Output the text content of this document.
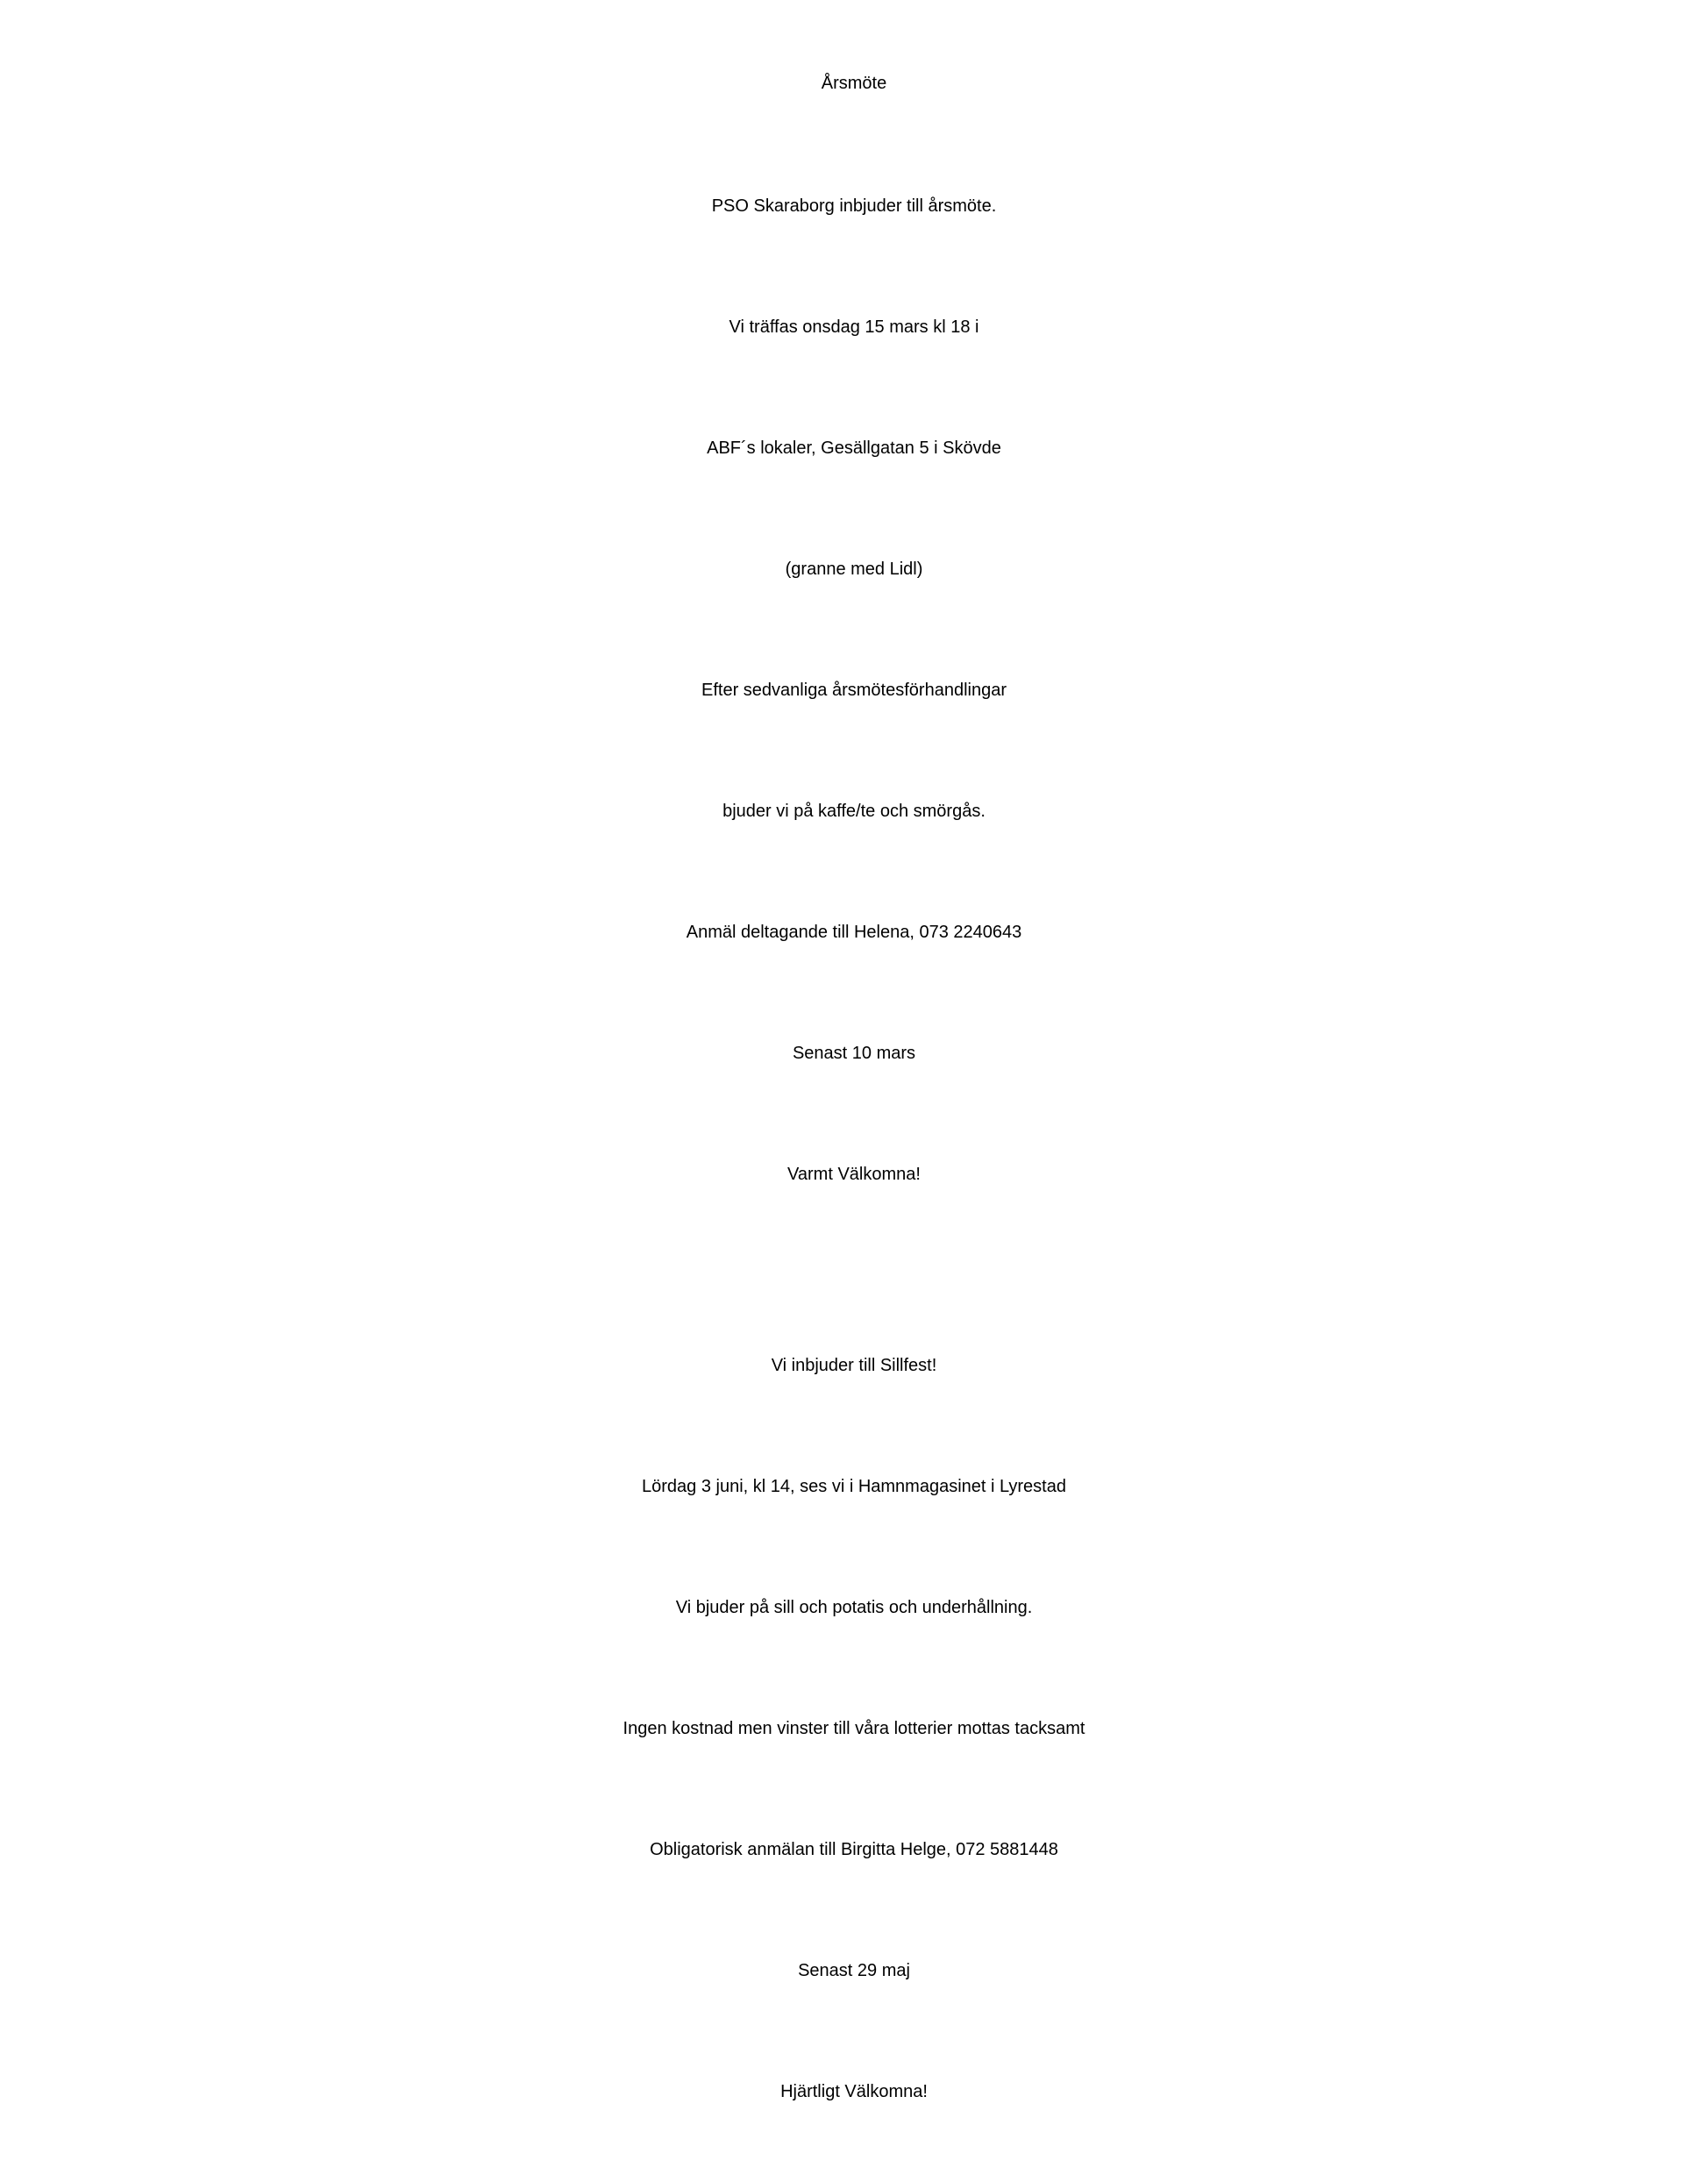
Årsmöte
PSO Skaraborg inbjuder till årsmöte.
Vi träffas onsdag 15 mars kl 18 i
ABF´s lokaler, Gesällgatan 5 i Skövde
(granne med Lidl)
Efter sedvanliga årsmötesförhandlingar
bjuder vi på kaffe/te och smörgås.
Anmäl deltagande till Helena, 073 2240643
Senast 10 mars
Varmt Välkomna!
Vi inbjuder till Sillfest!
Lördag 3 juni, kl 14, ses vi i Hamnmagasinet i Lyrestad
Vi bjuder på sill och potatis och underhållning.
Ingen kostnad men vinster till våra lotterier mottas tacksamt
Obligatorisk anmälan till Birgitta Helge, 072 5881448
Senast 29 maj
Hjärtligt Välkomna!
